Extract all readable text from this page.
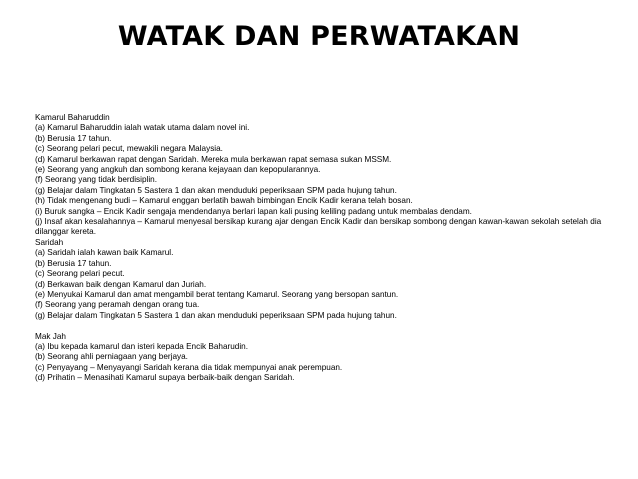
WATAK DAN PERWATAKAN
Kamarul Baharuddin
(a) Kamarul Baharuddin ialah watak utama dalam novel ini.
(b) Berusia 17 tahun.
(c) Seorang pelari pecut, mewakili negara Malaysia.
(d) Kamarul berkawan rapat dengan Saridah. Mereka mula berkawan rapat semasa sukan MSSM.
(e) Seorang yang angkuh dan sombong kerana kejayaan dan kepopularannya.
(f) Seorang yang tidak berdisiplin.
(g) Belajar dalam Tingkatan 5 Sastera 1 dan akan menduduki peperiksaan SPM pada hujung tahun.
(h) Tidak mengenang budi – Kamarul enggan berlatih bawah bimbingan Encik Kadir kerana telah bosan.
(i) Buruk sangka – Encik Kadir sengaja mendendanya berlari lapan kali pusing keliling padang untuk membalas dendam.
(j) Insaf akan kesalahannya – Kamarul menyesal bersikap kurang ajar dengan Encik Kadir dan bersikap sombong dengan kawan-kawan sekolah setelah dia dilanggar kereta.
Saridah
(a) Saridah ialah kawan baik Kamarul.
(b) Berusia 17 tahun.
(c) Seorang pelari pecut.
(d) Berkawan baik dengan Kamarul dan Juriah.
(e) Menyukai Kamarul dan amat mengambil berat tentang Kamarul. Seorang yang bersopan santun.
(f) Seorang yang peramah dengan orang tua.
(g) Belajar dalam Tingkatan 5 Sastera 1 dan akan menduduki peperiksaan SPM pada hujung tahun.
Mak Jah
(a) Ibu kepada kamarul dan isteri kepada Encik Baharudin.
(b) Seorang ahli perniagaan yang berjaya.
(c) Penyayang – Menyayangi Saridah kerana dia tidak mempunyai anak perempuan.
(d) Prihatin – Menasihati Kamarul supaya berbaik-baik dengan Saridah.
